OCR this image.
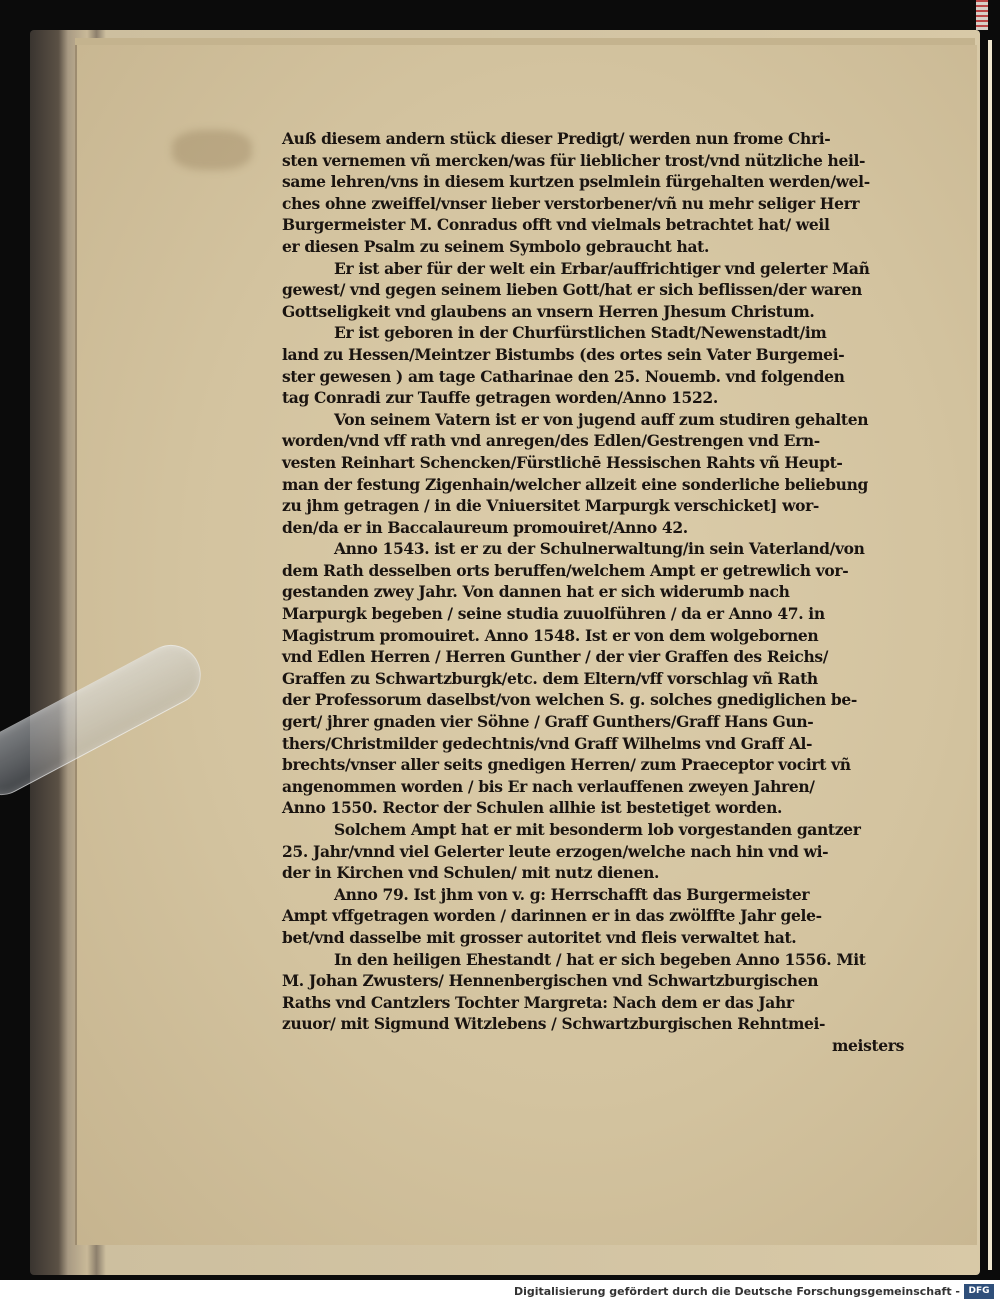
Auß diesem andern stück dieser Predigt/ werden nun frome Chri-
sten vernemen vñ mercken/was für lieblicher trost/vnd nützliche heil-
same lehren/vns in diesem kurtzen pselmlein fürgehalten werden/wel-
ches ohne zweiffel/vnser lieber verstorbener/vñ nu mehr seliger Herr
Burgermeister M. Conradus offt vnd vielmals betrachtet hat/ weil
er diesen Psalm zu seinem Symbolo gebraucht hat.
Er ist aber für der welt ein Erbar/auffrichtiger vnd gelerter Mañ
gewest/ vnd gegen seinem lieben Gott/hat er sich beflissen/der waren
Gottseligkeit vnd glaubens an vnsern Herren Jhesum Christum.
Er ist geboren in der Churfürstlichen Stadt/Newenstadt/im
land zu Hessen/Meintzer Bistumbs (des ortes sein Vater Burgemei-
ster gewesen ) am tage Catharinae den 25. Nouemb. vnd folgenden
tag Conradi zur Tauffe getragen worden/Anno 1522.
Von seinem Vatern ist er von jugend auff zum studiren gehalten
worden/vnd vff rath vnd anregen/des Edlen/Gestrengen vnd Ern-
vesten Reinhart Schencken/Fürstlichē Hessischen Rahts vñ Heupt-
man der festung Zigenhain/welcher allzeit eine sonderliche beliebung
zu jhm getragen / in die Vniuersitet Marpurgk verschicket] wor-
den/da er in Baccalaureum promouiret/Anno 42.
Anno 1543. ist er zu der Schulnerwaltung/in sein Vaterland/von
dem Rath desselben orts beruffen/welchem Ampt er getrewlich vor-
gestanden zwey Jahr. Von dannen hat er sich widerumb nach
Marpurgk begeben / seine studia zuuolführen / da er Anno 47. in
Magistrum promouiret. Anno 1548. Ist er von dem wolgebornen
vnd Edlen Herren / Herren Gunther / der vier Graffen des Reichs/
Graffen zu Schwartzburgk/etc. dem Eltern/vff vorschlag vñ Rath
der Professorum daselbst/von welchen S. g. solches gnediglichen be-
gert/ jhrer gnaden vier Söhne / Graff Gunthers/Graff Hans Gun-
thers/Christmilder gedechtnis/vnd Graff Wilhelms vnd Graff Al-
brechts/vnser aller seits gnedigen Herren/ zum Praeceptor vocirt vñ
angenommen worden / bis Er nach verlauffenen zweyen Jahren/
Anno 1550. Rector der Schulen allhie ist bestetiget worden.
Solchem Ampt hat er mit besonderm lob vorgestanden gantzer
25. Jahr/vnnd viel Gelerter leute erzogen/welche nach hin vnd wi-
der in Kirchen vnd Schulen/ mit nutz dienen.
Anno 79. Ist jhm von v. g: Herrschafft das Burgermeister
Ampt vffgetragen worden / darinnen er in das zwölffte Jahr gele-
bet/vnd dasselbe mit grosser autoritet vnd fleis verwaltet hat.
In den heiligen Ehestandt / hat er sich begeben Anno 1556. Mit
M. Johan Zwusters/ Hennenbergischen vnd Schwartzburgischen
Raths vnd Cantzlers Tochter Margreta: Nach dem er das Jahr
zuuor/ mit Sigmund Witzlebens / Schwartzburgischen Rehntmei-
meisters
Digitalisierung gefördert durch die Deutsche Forschungsgemeinschaft - DFG
